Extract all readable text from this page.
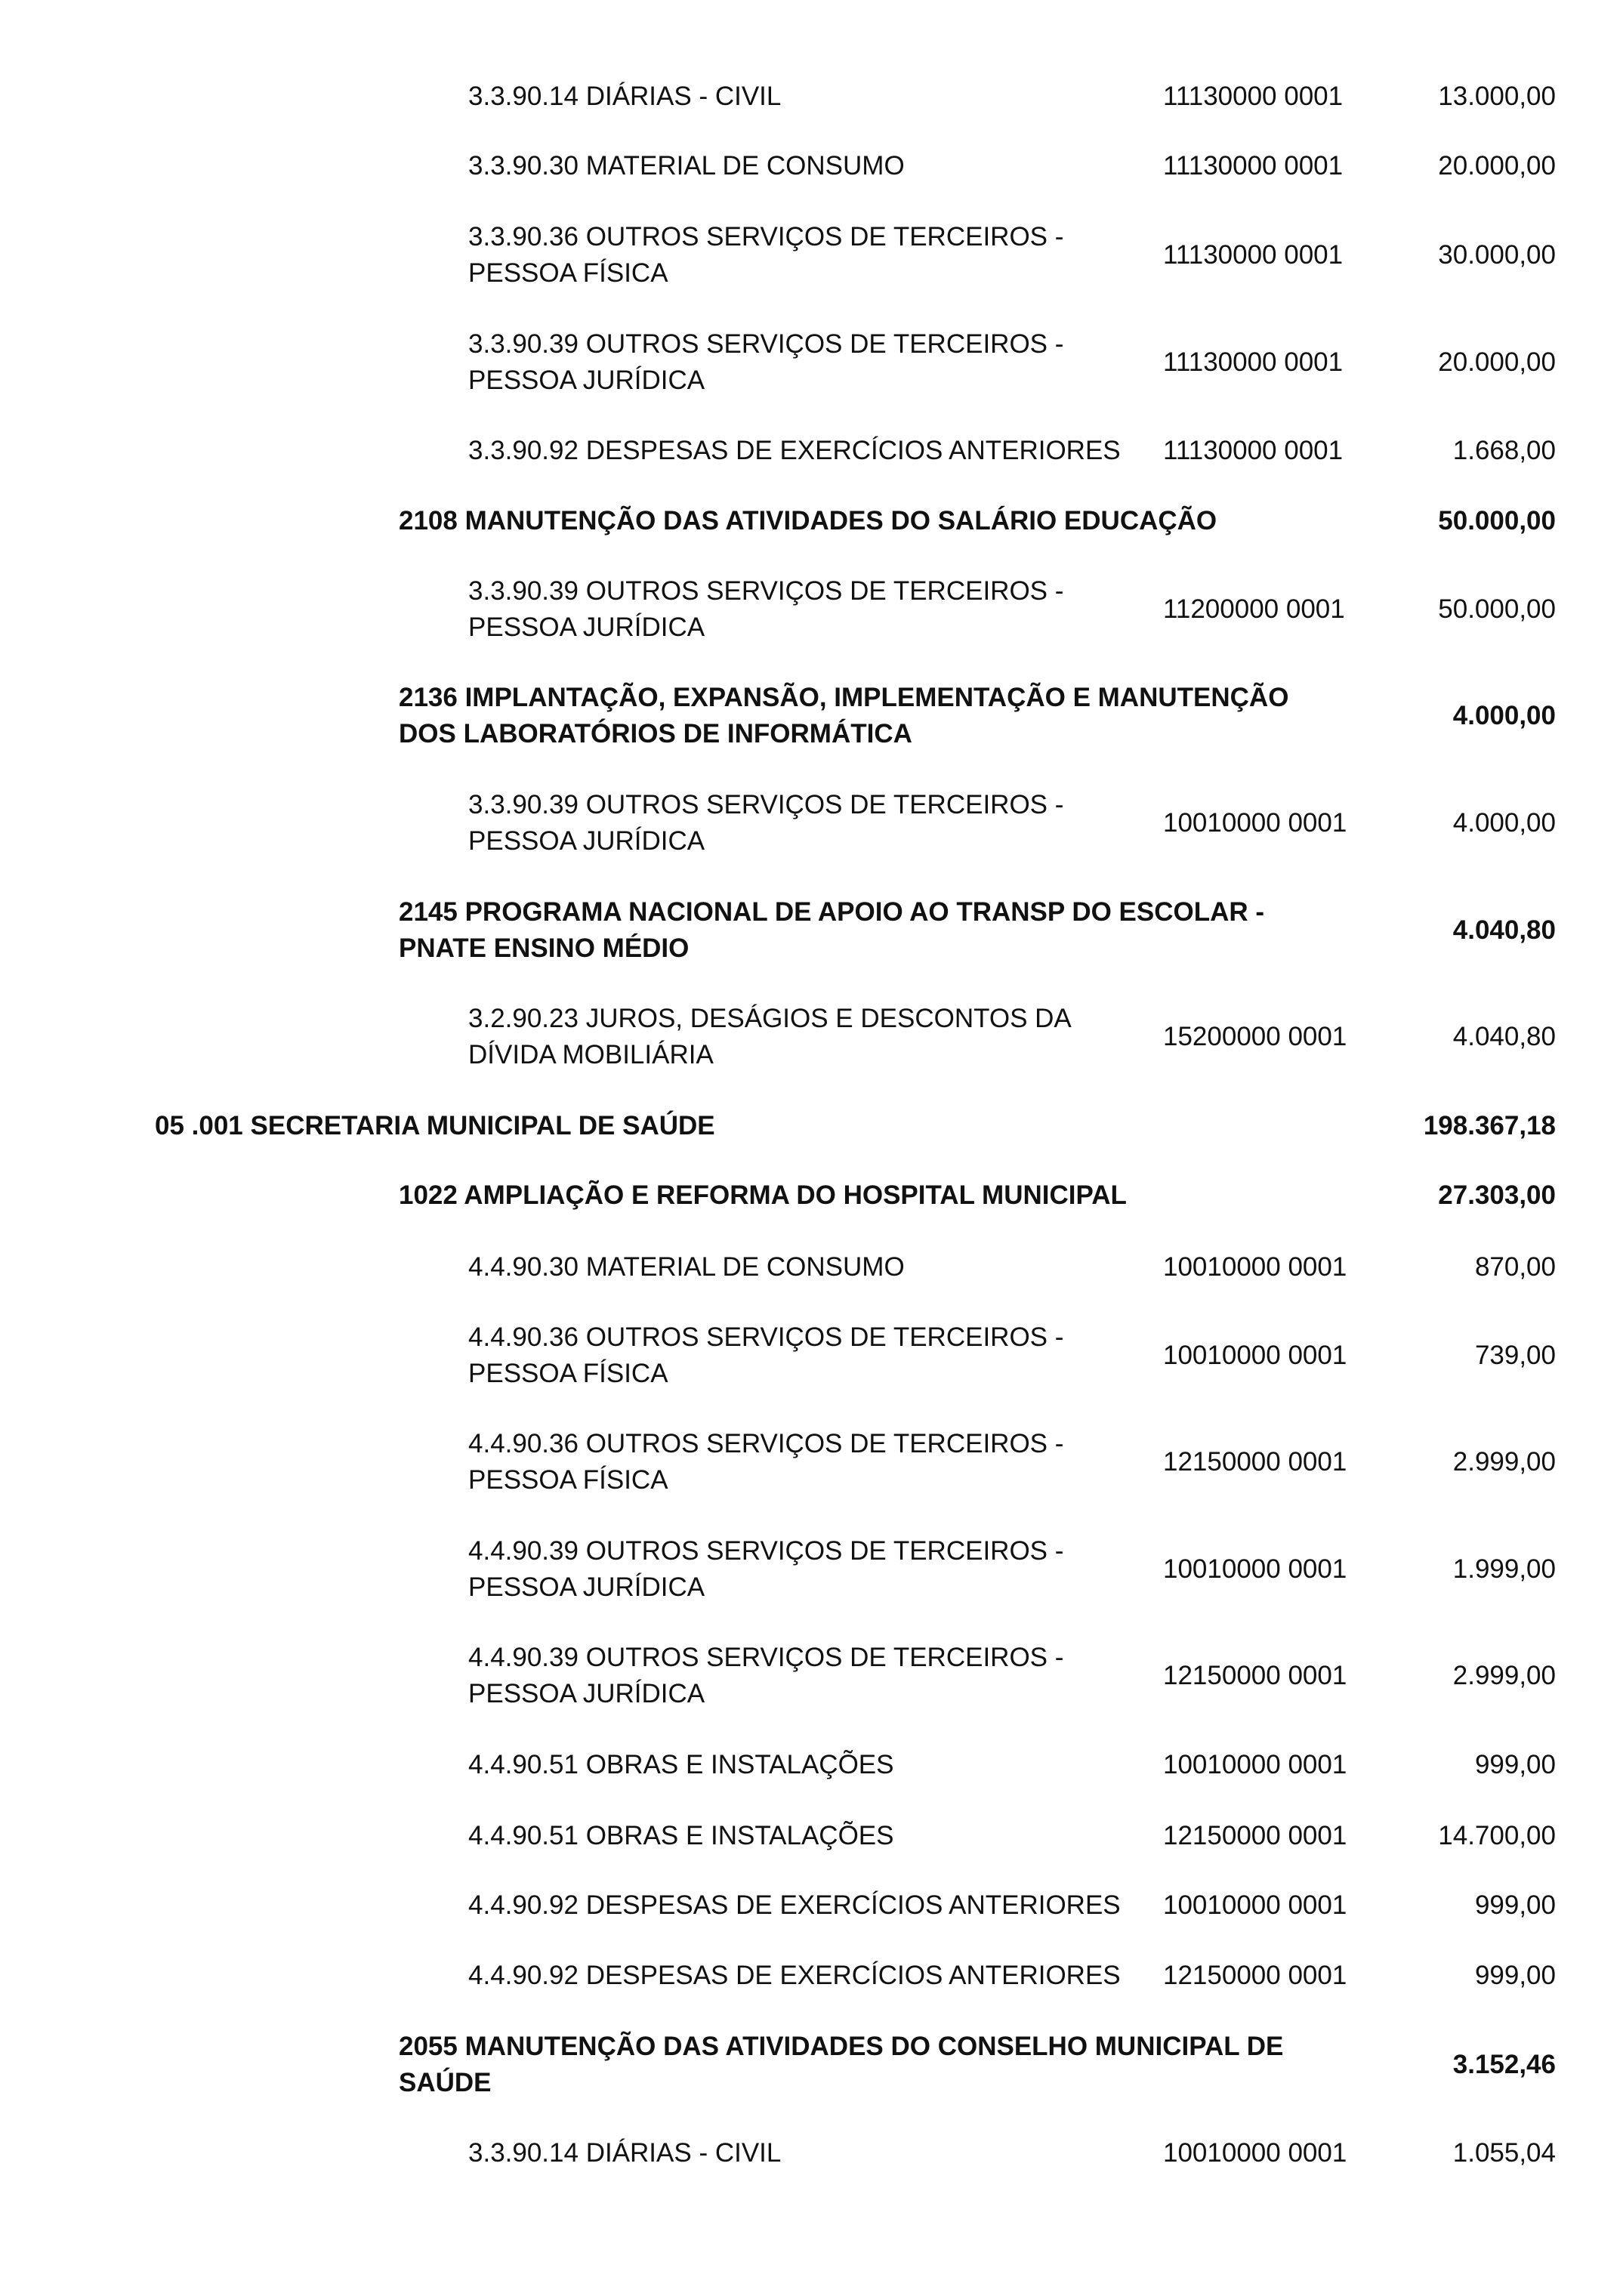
3.3.90.14 DIÁRIAS - CIVIL	11130000 0001	13.000,00
3.3.90.30 MATERIAL DE CONSUMO	11130000 0001	20.000,00
3.3.90.36 OUTROS SERVIÇOS DE TERCEIROS -
PESSOA FÍSICA
11130000 0001	30.000,00
3.3.90.39 OUTROS SERVIÇOS DE TERCEIROS -
PESSOA JURÍDICA
11130000 0001	20.000,00
3.3.90.92 DESPESAS DE EXERCÍCIOS ANTERIORES	11130000 0001	1.668,00
2108 MANUTENÇÃO DAS ATIVIDADES DO SALÁRIO EDUCAÇÃO	50.000,00
3.3.90.39 OUTROS SERVIÇOS DE TERCEIROS -
PESSOA JURÍDICA
11200000 0001	50.000,00
2136 IMPLANTAÇÃO, EXPANSÃO, IMPLEMENTAÇÃO E MANUTENÇÃO
DOS LABORATÓRIOS DE INFORMÁTICA
4.000,00
3.3.90.39 OUTROS SERVIÇOS DE TERCEIROS -
PESSOA JURÍDICA
10010000 0001	4.000,00
2145 PROGRAMA NACIONAL DE APOIO AO TRANSP DO ESCOLAR -
PNATE ENSINO MÉDIO
4.040,80
3.2.90.23 JUROS, DESÁGIOS E DESCONTOS DA
DÍVIDA MOBILIÁRIA
15200000 0001	4.040,80
05 .001 SECRETARIA MUNICIPAL DE SAÚDE	198.367,18
1022 AMPLIAÇÃO E REFORMA DO HOSPITAL MUNICIPAL	27.303,00
4.4.90.30 MATERIAL DE CONSUMO	10010000 0001	870,00
4.4.90.36 OUTROS SERVIÇOS DE TERCEIROS -
PESSOA FÍSICA
10010000 0001	739,00
4.4.90.36 OUTROS SERVIÇOS DE TERCEIROS -
PESSOA FÍSICA
12150000 0001	2.999,00
4.4.90.39 OUTROS SERVIÇOS DE TERCEIROS -
PESSOA JURÍDICA
10010000 0001	1.999,00
4.4.90.39 OUTROS SERVIÇOS DE TERCEIROS -
PESSOA JURÍDICA
12150000 0001	2.999,00
4.4.90.51 OBRAS E INSTALAÇÕES	10010000 0001	999,00
4.4.90.51 OBRAS E INSTALAÇÕES	12150000 0001	14.700,00
4.4.90.92 DESPESAS DE EXERCÍCIOS ANTERIORES	10010000 0001	999,00
4.4.90.92 DESPESAS DE EXERCÍCIOS ANTERIORES	12150000 0001	999,00
2055 MANUTENÇÃO DAS ATIVIDADES DO CONSELHO MUNICIPAL DE
SAÚDE
3.152,46
3.3.90.14 DIÁRIAS - CIVIL	10010000 0001	1.055,04
